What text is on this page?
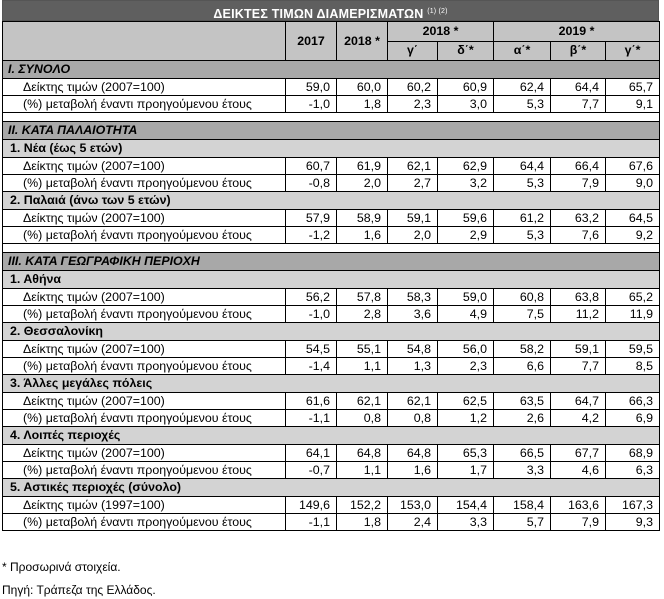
ΔΕΙΚΤΕΣ ΤΙΜΩΝ ΔΙΑΜΕΡΙΣΜΑΤΩΝ $^{(1) (2)}$
	2017	2018 *	2018 *		2019 *		
			γ΄	δ΄*	α΄*	β΄*	γ΄*
I. ΣΥΝΟΛΟ							
Δείκτης τιμών (2007=100)	59,0	60,0	60,2	60,9	62,4	64,4	65,7
(%) μεταβολή έναντι προηγούμενου έτους	-1,0	1,8	2,3	3,0	5,3	7,7	9,1

II. ΚΑΤΑ ΠΑΛΑΙΟΤΗΤΑ							
1. Νέα (έως 5 ετών)							
Δείκτης τιμών (2007=100)	60,7	61,9	62,1	62,9	64,4	66,4	67,6
(%) μεταβολή έναντι προηγούμενου έτους	-0,8	2,0	2,7	3,2	5,3	7,9	9,0
2. Παλαιά (άνω των 5 ετών)							
Δείκτης τιμών (2007=100)	57,9	58,9	59,1	59,6	61,2	63,2	64,5
(%) μεταβολή έναντι προηγούμενου έτους	-1,2	1,6	2,0	2,9	5,3	7,6	9,2

III. ΚΑΤΑ ΓΕΩΓΡΑΦΙΚΗ ΠΕΡΙΟΧΗ							
1. Αθήνα							
Δείκτης τιμών (2007=100)	56,2	57,8	58,3	59,0	60,8	63,8	65,2
(%) μεταβολή έναντι προηγούμενου έτους	-1,0	2,8	3,6	4,9	7,5	11,2	11,9
2. Θεσσαλονίκη							
Δείκτης τιμών (2007=100)	54,5	55,1	54,8	56,0	58,2	59,1	59,5
(%) μεταβολή έναντι προηγούμενου έτους	-1,4	1,1	1,3	2,3	6,6	7,7	8,5
3. Άλλες μεγάλες πόλεις							
Δείκτης τιμών (2007=100)	61,6	62,1	62,1	62,5	63,5	64,7	66,3
(%) μεταβολή έναντι προηγούμενου έτους	-1,1	0,8	0,8	1,2	2,6	4,2	6,9
4. Λοιπές περιοχές							
Δείκτης τιμών (2007=100)	64,1	64,8	64,8	65,3	66,5	67,7	68,9
(%) μεταβολή έναντι προηγούμενου έτους	-0,7	1,1	1,6	1,7	3,3	4,6	6,3
5. Αστικές περιοχές (σύνολο)							
Δείκτης τιμών (1997=100)	149,6	152,2	153,0	154,4	158,4	163,6	167,3
(%) μεταβολή έναντι προηγούμενου έτους	-1,1	1,8	2,4	3,3	5,7	7,9	9,3
* Προσωρινά στοιχεία.
Πηγή: Τράπεζα της Ελλάδος.
